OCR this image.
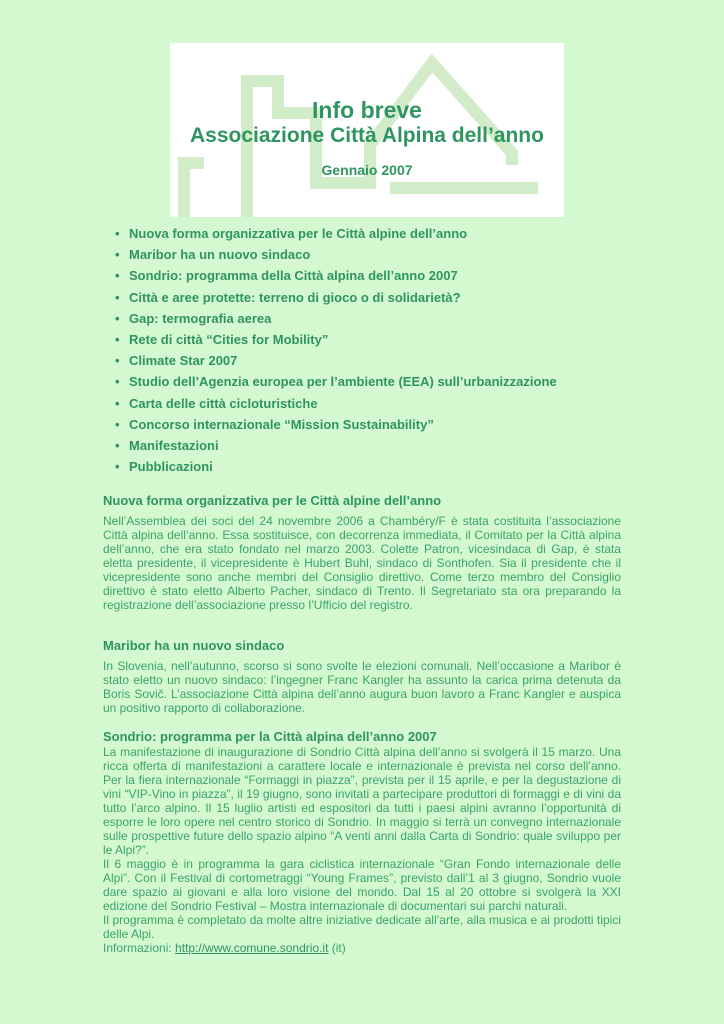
Info breve
Associazione Città Alpina dell’anno
Gennaio 2007
• Nuova forma organizzativa per le Città alpine dell’anno
• Maribor ha un nuovo sindaco
• Sondrio: programma della Città alpina dell’anno 2007
• Città e aree protette: terreno di gioco o di solidarietà?
• Gap: termografia aerea
• Rete di città “Cities for Mobility”
• Climate Star 2007
• Studio dell’Agenzia europea per l’ambiente (EEA) sull’urbanizzazione
• Carta delle città cicloturistiche
• Concorso internazionale “Mission Sustainability”
• Manifestazioni
• Pubblicazioni
Nuova forma organizzativa per le Città alpine dell’anno

Nell’Assemblea dei soci del 24 novembre 2006 a Chambéry/F è stata costituita l’associazione Città alpina dell’anno. Essa sostituisce, con decorrenza immediata, il Comitato per la Città alpina dell’anno, che era stato fondato nel marzo 2003. Colette Patron, vicesindaca di Gap, è stata eletta presidente, il vicepresidente è Hubert Buhl, sindaco di Sonthofen. Sia il presidente che il vicepresidente sono anche membri del Consiglio direttivo. Come terzo membro del Consiglio direttivo è stato eletto Alberto Pacher, sindaco di Trento. Il Segretariato sta ora preparando la registrazione dell’associazione presso l’Ufficio del registro.

Maribor ha un nuovo sindaco

In Slovenia, nell’autunno, scorso si sono svolte le elezioni comunali. Nell’occasione a Maribor è stato eletto un nuovo sindaco: l’ingegner Franc Kangler ha assunto la carica prima detenuta da Boris Sovič. L’associazione Città alpina dell’anno augura buon lavoro a Franc Kangler e auspica un positivo rapporto di collaborazione.

Sondrio: programma per la Città alpina dell’anno 2007

La manifestazione di inaugurazione di Sondrio Città alpina dell’anno si svolgerà il 15 marzo. Una ricca offerta di manifestazioni a carattere locale e internazionale è prevista nel corso dell’anno. Per la fiera internazionale “Formaggi in piazza”, prevista per il 15 aprile, e per la degustazione di vini “VIP-Vino in piazza”, il 19 giugno, sono invitati a partecipare produttori di formaggi e di vini da tutto l’arco alpino. Il 15 luglio artisti ed espositori da tutti i paesi alpini avranno l’opportunità di esporre le loro opere nel centro storico di Sondrio. In maggio si terrà un convegno internazionale sulle prospettive future dello spazio alpino “A venti anni dalla Carta di Sondrio: quale sviluppo per le Alpi?”.

Il 6 maggio è in programma la gara ciclistica internazionale “Gran Fondo internazionale delle Alpi”. Con il Festival di cortometraggi “Young Frames”, previsto dall’1 al 3 giugno, Sondrio vuole dare spazio ai giovani e alla loro visione del mondo. Dal 15 al 20 ottobre si svolgerà la XXI edizione del Sondrio Festival – Mostra internazionale di documentari sui parchi naturali.

Il programma è completato da molte altre iniziative dedicate all’arte, alla musica e ai prodotti tipici delle Alpi.

Informazioni: http://www.comune.sondrio.it (it)
